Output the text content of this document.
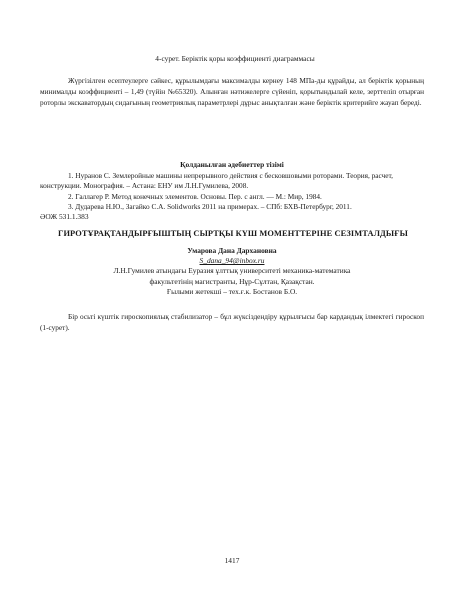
4-сурет. Беріктік қоры коэффициенті диаграммасы
Жүргізілген есептеулерге сәйкес, құрылымдағы максималды кернеу 148 МПа-ды құрайды, ал беріктік қорының минималды коэффициенті – 1,49 (түйін №65320). Алынған нәтижелерге сүйеніп, қорытындылай келе, зерттеліп отырған роторлы экскаватордың сидағының геометриялық параметрлері дұрыс анықталған және беріктік критерийге жауап береді.
Қолданылған әдебиеттер тізімі
1. Нуранов С. Землеройные машины непрерывного действия с бесковшовыми роторами. Теория, расчет, конструкции. Монография. – Астана: ЕНУ им Л.Н.Гумилева, 2008.
2. Галлагер Р. Метод конечных элементов. Основы. Пер. с англ. — М.: Мир, 1984.
3. Дударева Н.Ю., Загайко С.А. Solidworks 2011 на примерах. – СПб: БХВ-Петербург, 2011.
ӘОЖ 531.1.383
ГИРОТҰРАҚТАНДЫРҒЫШТЫҢ СЫРТҚЫ КҮШ МОМЕНТТЕРІНЕ СЕЗІМТАЛДЫҒЫ
Умарова Дана Дархановна
S_dana_94@inbox.ru
Л.Н.Гумилев атындағы Еуразия ұлттық университеті механика-математика
факультетінің магистранты, Нұр-Сұлтан, Қазақстан.
Ғылыми жетекші – тех.ғ.к. Бостанов Б.О.
Бір осьті күштік гироскопиялық стабилизатор – бұл жүксіздендіру құрылғысы бар кардандық ілмектегі гироскоп (1-сурет).
1417
